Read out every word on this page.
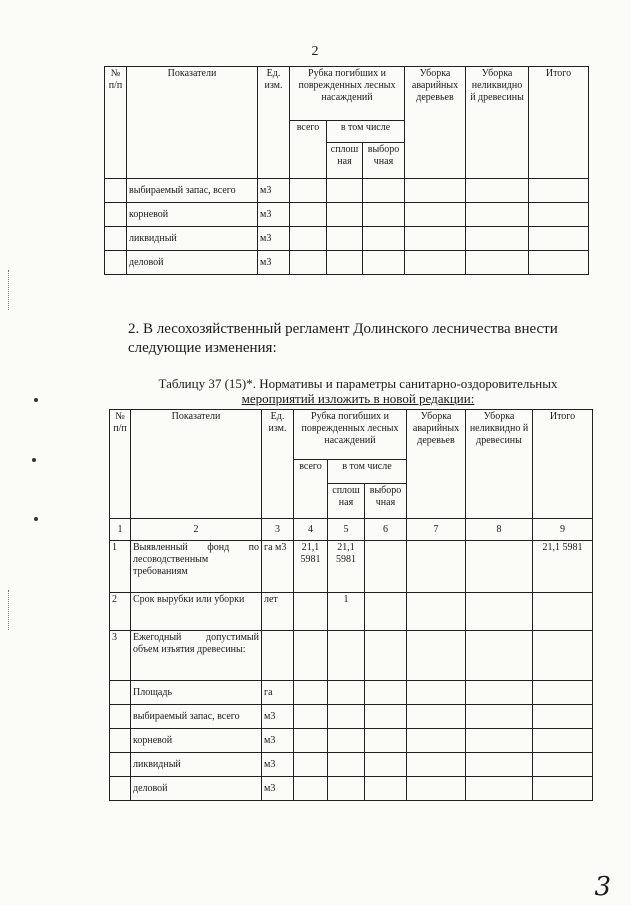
2
№ п/п	Показатели	Ед. изм.	Рубка погибших и поврежденных лесных насаждений			Уборка аварийных деревьев	Уборка неликвидно й древесины	Итого
			всего	в том числе				
				сплош ная	выборо чная			
	выбираемый запас, всего	м3						
	корневой	м3						
	ликвидный	м3						
	деловой	м3						
2. В лесохозяйственный регламент Долинского лесничества внести
следующие изменения:
Таблицу 37 (15)*. Нормативы и параметры санитарно-оздоровительных
мероприятий изложить в новой редакции:
№ п/п	Показатели	Ед. изм.	Рубка погибших и поврежденных лесных насаждений			Уборка аварийных деревьев	Уборка неликвидно й древесины	Итого
			всего	в том числе				
				сплош ная	выборо чная			
1	2	3	4	5	6	7	8	9
1	Выявленный фонд по лесоводственным требованиям	га м3	21,1 5981	21,1 5981				21,1 5981
2	Срок вырубки или уборки	лет		1				
3	Ежегодный допустимый объем изъятия древесины:							
	Площадь	га						
	выбираемый запас, всего	м3						
	корневой	м3						
	ликвидный	м3						
	деловой	м3						
3
